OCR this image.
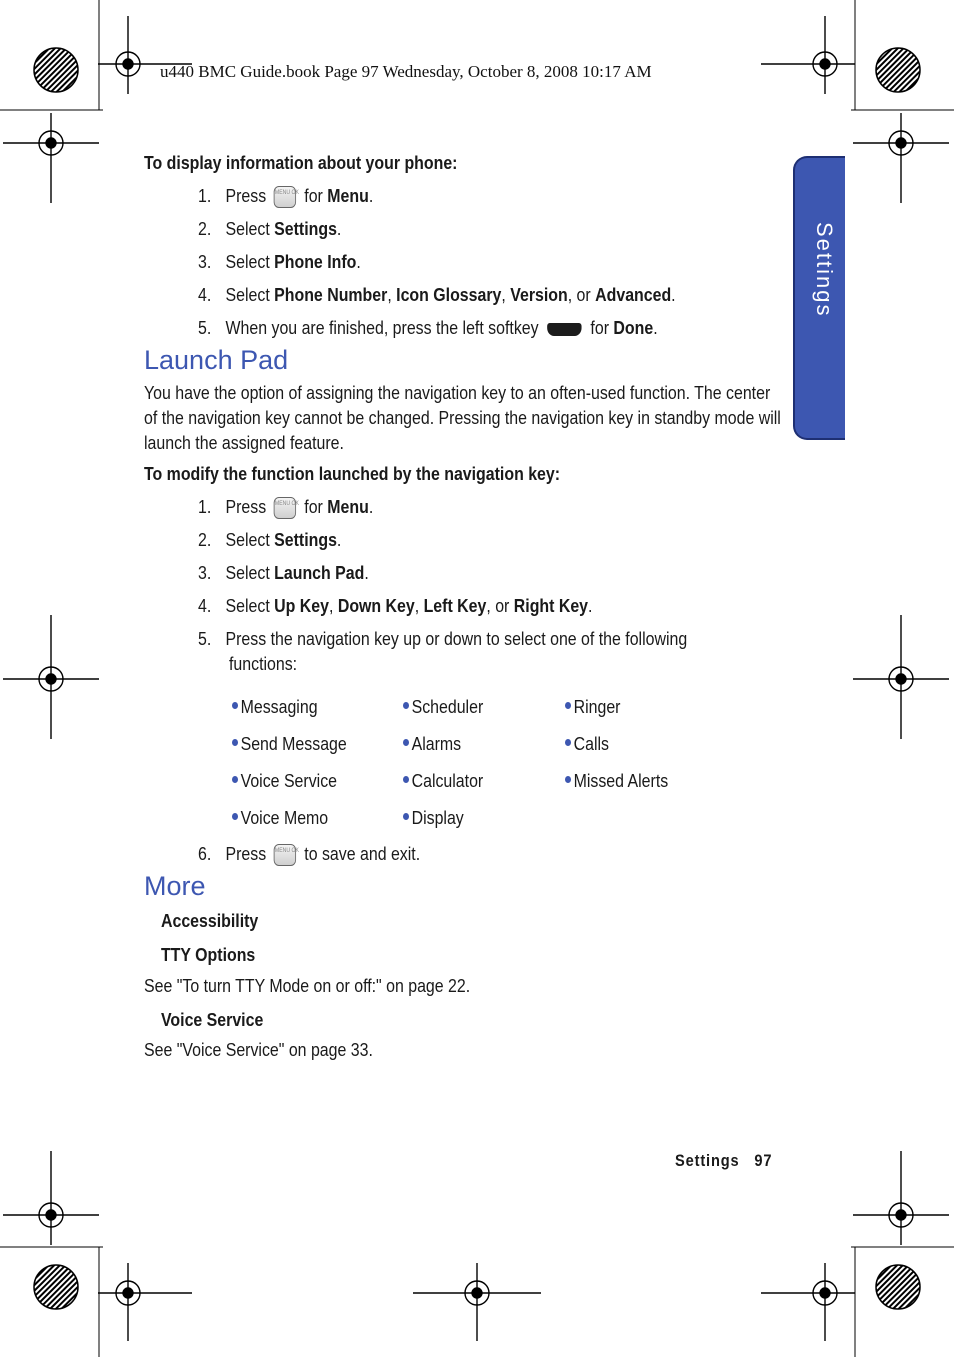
u440 BMC Guide.book Page 97 Wednesday, October 8, 2008 10:17 AM
Settings
To display information about your phone:
1. Press MENU OK for Menu.
2. Select Settings.
3. Select Phone Info.
4. Select Phone Number, Icon Glossary, Version, or Advanced.
5. When you are finished, press the left softkey  for Done.
Launch Pad
You have the option of assigning the navigation key to an often-used function. The center of the navigation key cannot be changed. Pressing the navigation key in standby mode will launch the assigned feature.
To modify the function launched by the navigation key:
1. Press MENU OK for Menu.
2. Select Settings.
3. Select Launch Pad.
4. Select Up Key, Down Key, Left Key, or Right Key.
5. Press the navigation key up or down to select one of the following
functions:
Messaging	Scheduler	Ringer
Send Message	Alarms	Calls
Voice Service	Calculator	Missed Alerts
Voice Memo	Display
6. Press MENU OK to save and exit.
More
Accessibility
TTY Options
See "To turn TTY Mode on or off:" on page 22.
Voice Service
See "Voice Service" on page 33.
Settings 97
